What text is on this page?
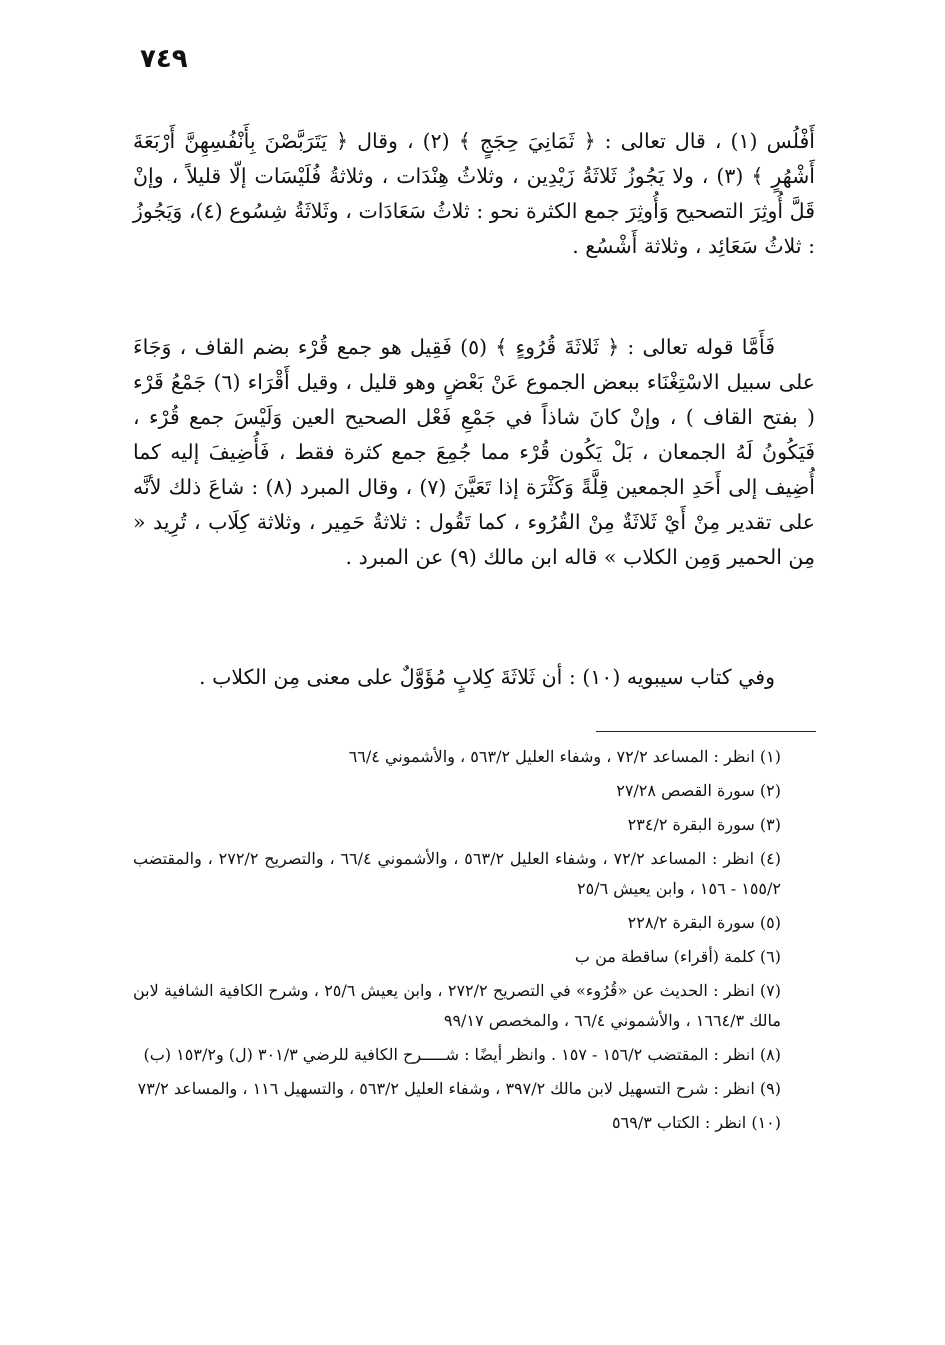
٧٤٩

أَفْلُس (١) ، قال تعالى : ﴿ ثَمَانِيَ حِجَجٍ ﴾ (٢) ، وقال ﴿ يَتَرَبَّصْنَ بِأَنْفُسِهِنَّ أَرْبَعَةَ أَشْهُرٍ ﴾ (٣) ، ولا يَجُوزُ ثَلاثَةُ زَيْدِين ، وثلاثُ هِنْدَات ، وثلاثةُ فُلَيْسَات إلّا قليلاً ، وإنْ قَلَّ أُوثِرَ التصحيح وَأُوثِرَ جمع الكثرة نحو : ثلاثُ سَعَادَات ، وثَلاثَةُ شِسُوع (٤)، وَيَجُوزُ : ثلاثُ سَعَائِد ، وثلاثة أَشْسُع .

فَأَمَّا قوله تعالى : ﴿ ثَلاثَةَ قُرُوءٍ ﴾ (٥) فَقِيل هو جمع قُرْء بضم القاف ، وَجَاءَ على سبيل الاسْتِغْنَاء ببعض الجموع عَنْ بَعْضٍ وهو قليل ، وقيل أَقْرَاء (٦) جَمْعُ قَرْء ( بفتح القاف ) ، وإنْ كانَ شاذاً في جَمْعِ فَعْل الصحيح العين وَلَيْسَ جمع قُرْء ، فَيَكُونُ لَهُ الجمعان ، بَلْ يَكُون قُرْء مما جُمِعَ جمع كثرة فقط ، فَأُضِيفَ إليه كما أُضِيف إلى أَحَدِ الجمعين قِلَّةً وَكَثْرَة إذا تَعَيَّنَ (٧) ، وقال المبرد (٨) : شاعَ ذلك لأنَّه على تقدير مِنْ أَيْ ثَلاثَةٌ مِنْ القُرُوء ، كما تَقُول : ثلاثةُ حَمِير ، وثلاثة كِلَاب ، تُرِيد « مِن الحمير وَمِن الكلاب » قاله ابن مالك (٩) عن المبرد .

وفي كتاب سيبويه (١٠) : أن ثَلاثَةَ كِلابٍ مُؤَوَّلٌ على معنى مِن الكلاب .

(١) انظر : المساعد ٧٢/٢ ، وشفاء العليل ٥٦٣/٢ ، والأشموني ٦٦/٤

(٢) سورة القصص ٢٧/٢٨

(٣) سورة البقرة ٢٣٤/٢

(٤) انظر : المساعد ٧٢/٢ ، وشفاء العليل ٥٦٣/٢ ، والأشموني ٦٦/٤ ، والتصريح ٢٧٢/٢ ، والمقتضب ١٥٥/٢ - ١٥٦ ، وابن يعيش ٢٥/٦

(٥) سورة البقرة ٢٢٨/٢

(٦) كلمة (أقراء) ساقطة من ب

(٧) انظر : الحديث عن «قُرُوء» في التصريح ٢٧٢/٢ ، وابن يعيش ٢٥/٦ ، وشرح الكافية الشافية لابن مالك ١٦٦٤/٣ ، والأشموني ٦٦/٤ ، والمخصص ٩٩/١٧

(٨) انظر : المقتضب ١٥٦/٢ - ١٥٧ . وانظر أيضًا : شـــــرح الكافية للرضي ٣٠١/٣ (ل) و١٥٣/٢ (ب)

(٩) انظر : شرح التسهيل لابن مالك ٣٩٧/٢ ، وشفاء العليل ٥٦٣/٢ ، والتسهيل ١١٦ ، والمساعد ٧٣/٢

(١٠) انظر : الكتاب ٥٦٩/٣
